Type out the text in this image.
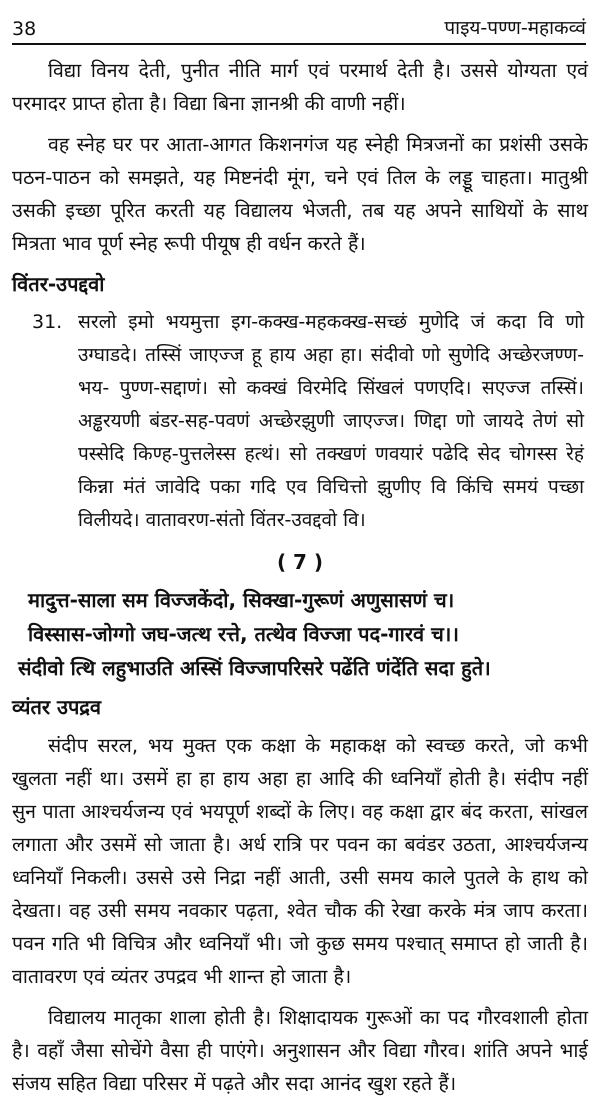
38	पाइय-पण्ण-महाकव्वं

विद्या विनय देती, पुनीत नीति मार्ग एवं परमार्थ देती है। उससे योग्यता एवं परमादर प्राप्त होता है। विद्या बिना ज्ञानश्री की वाणी नहीं।

वह स्नेह घर पर आता-आगत किशनगंज यह स्नेही मित्रजनों का प्रशंसी उसके पठन-पाठन को समझते, यह मिष्टनंदी मूंग, चने एवं तिल के लड्डू चाहता। मातुश्री उसकी इच्छा पूरित करती यह विद्यालय भेजती, तब यह अपने साथियों के साथ मित्रता भाव पूर्ण स्नेह रूपी पीयूष ही वर्धन करते हैं।

विंतर-उपद्दवो
31. सरलो इमो भयमुत्ता इग-कक्ख-महकक्ख-सच्छं मुणेदि जं कदा वि णो उग्घाडदे। तस्सिं जाएज्ज हू हाय अहा हा। संदीवो णो सुणेदि अच्छेरजण्ण-भय- पुण्ण-सद्दाणं। सो कक्खं विरमेदि सिंखलं पणएदि। सएज्ज तस्सिं। अड्ढरयणी बंडर-सह-पवणं अच्छेरझुणी जाएज्ज। णिद्दा णो जायदे तेणं सो पस्सेदि किण्ह-पुत्तलेस्स हत्थं। सो तक्खणं णवयारं पढेदि सेद चोगस्स रेहं किन्ना मंतं जावेदि पका गदि एव विचित्तो झुणीए वि किंचि समयं पच्छा विलीयदे। वातावरण-संतो विंतर-उवद्दवो वि।
( 7 )

मादुत्त-साला सम विज्जकेंदो, सिक्खा-गुरूणं अणुसासणं च।

विस्सास-जोग्गो जघ-जत्थ रत्ते, तत्थेव विज्जा पद-गारवं च।।

संदीवो त्थि लहुभाउति अस्सिं विज्जापरिसरे पढेंति णंदेंति सदा हुते।

व्यंतर उपद्रव

संदीप सरल, भय मुक्त एक कक्षा के महाकक्ष को स्वच्छ करते, जो कभी खुलता नहीं था। उसमें हा हा हाय अहा हा आदि की ध्वनियाँ होती है। संदीप नहीं सुन पाता आश्चर्यजन्य एवं भयपूर्ण शब्दों के लिए। वह कक्षा द्वार बंद करता, सांखल लगाता और उसमें सो जाता है। अर्ध रात्रि पर पवन का बवंडर उठता, आश्चर्यजन्य ध्वनियाँ निकली। उससे उसे निद्रा नहीं आती, उसी समय काले पुतले के हाथ को देखता। वह उसी समय नवकार पढ़ता, श्वेत चौक की रेखा करके मंत्र जाप करता। पवन गति भी विचित्र और ध्वनियाँ भी। जो कुछ समय पश्चात् समाप्त हो जाती है। वातावरण एवं व्यंतर उपद्रव भी शान्त हो जाता है।

विद्यालय मातृका शाला होती है। शिक्षादायक गुरूओं का पद गौरवशाली होता है। वहाँ जैसा सोचेंगे वैसा ही पाएंगे। अनुशासन और विद्या गौरव। शांति अपने भाई संजय सहित विद्या परिसर में पढ़ते और सदा आनंद खुश रहते हैं।
